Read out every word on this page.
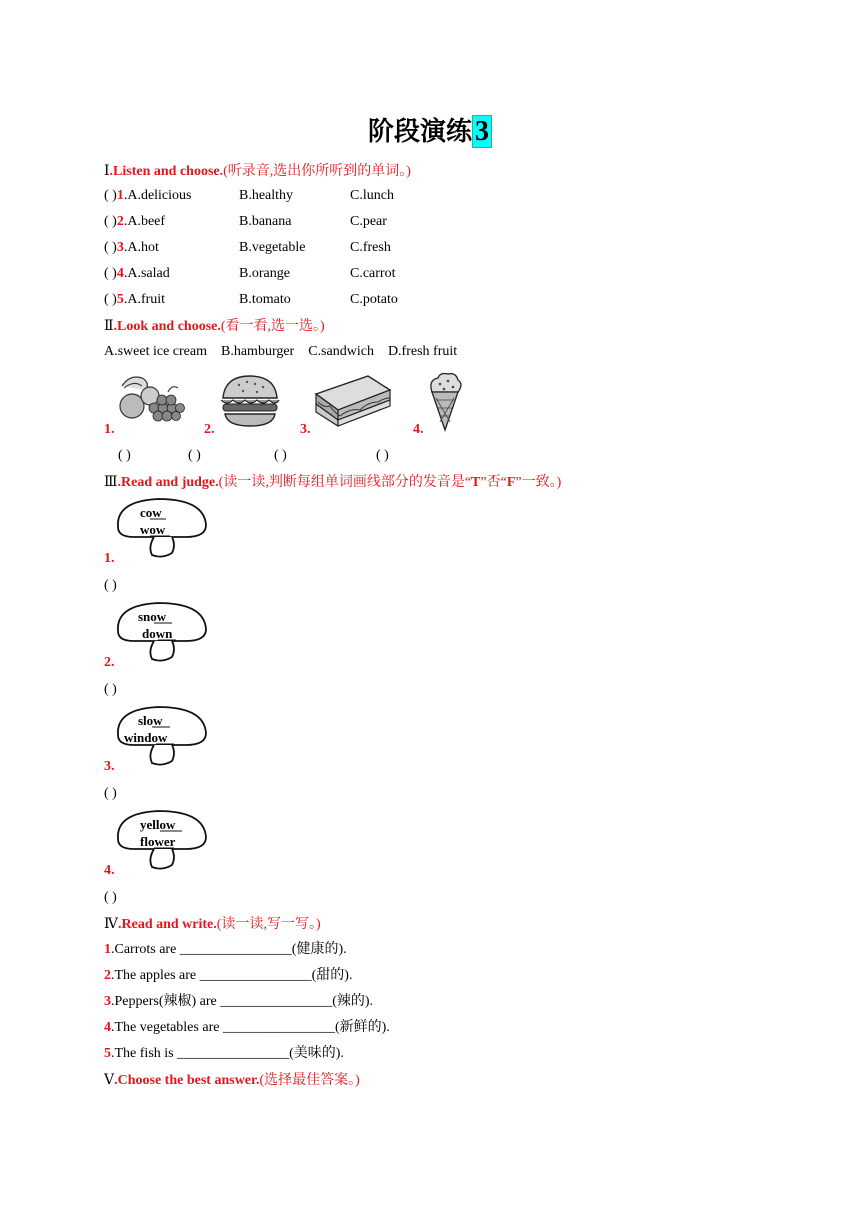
阶段演练 3
Ⅰ.Listen and choose.(听录音,选出你所听到的单词。)
( )1.A.delicious	B.healthy	C.lunch
( )2.A.beef	B.banana	C.pear
( )3.A.hot	B.vegetable	C.fresh
( )4.A.salad	B.orange	C.carrot
( )5.A.fruit	B.tomato	C.potato
Ⅱ.Look and choose.(看一看,选一选。)
A.sweet ice cream    B.hamburger    C.sandwich    D.fresh fruit
1.	2.	3.	4.
( )	( )	( )	( )
Ⅲ.Read and judge.(读一读,判断每组单词画线部分的发音是“T”否“F”一致。)
cow
wow
1.
( )
snow
down
2.
( )
slow
window
3.
( )
yellow
flower
4.
( )
Ⅳ.Read and write.(读一读,写一写。)
1.Carrots are ________________(健康的).
2.The apples are ________________(甜的).
3.Peppers(辣椒) are ________________(辣的).
4.The vegetables are ________________(新鲜的).
5.The fish is ________________(美味的).
Ⅴ.Choose the best answer.(选择最佳答案。)
